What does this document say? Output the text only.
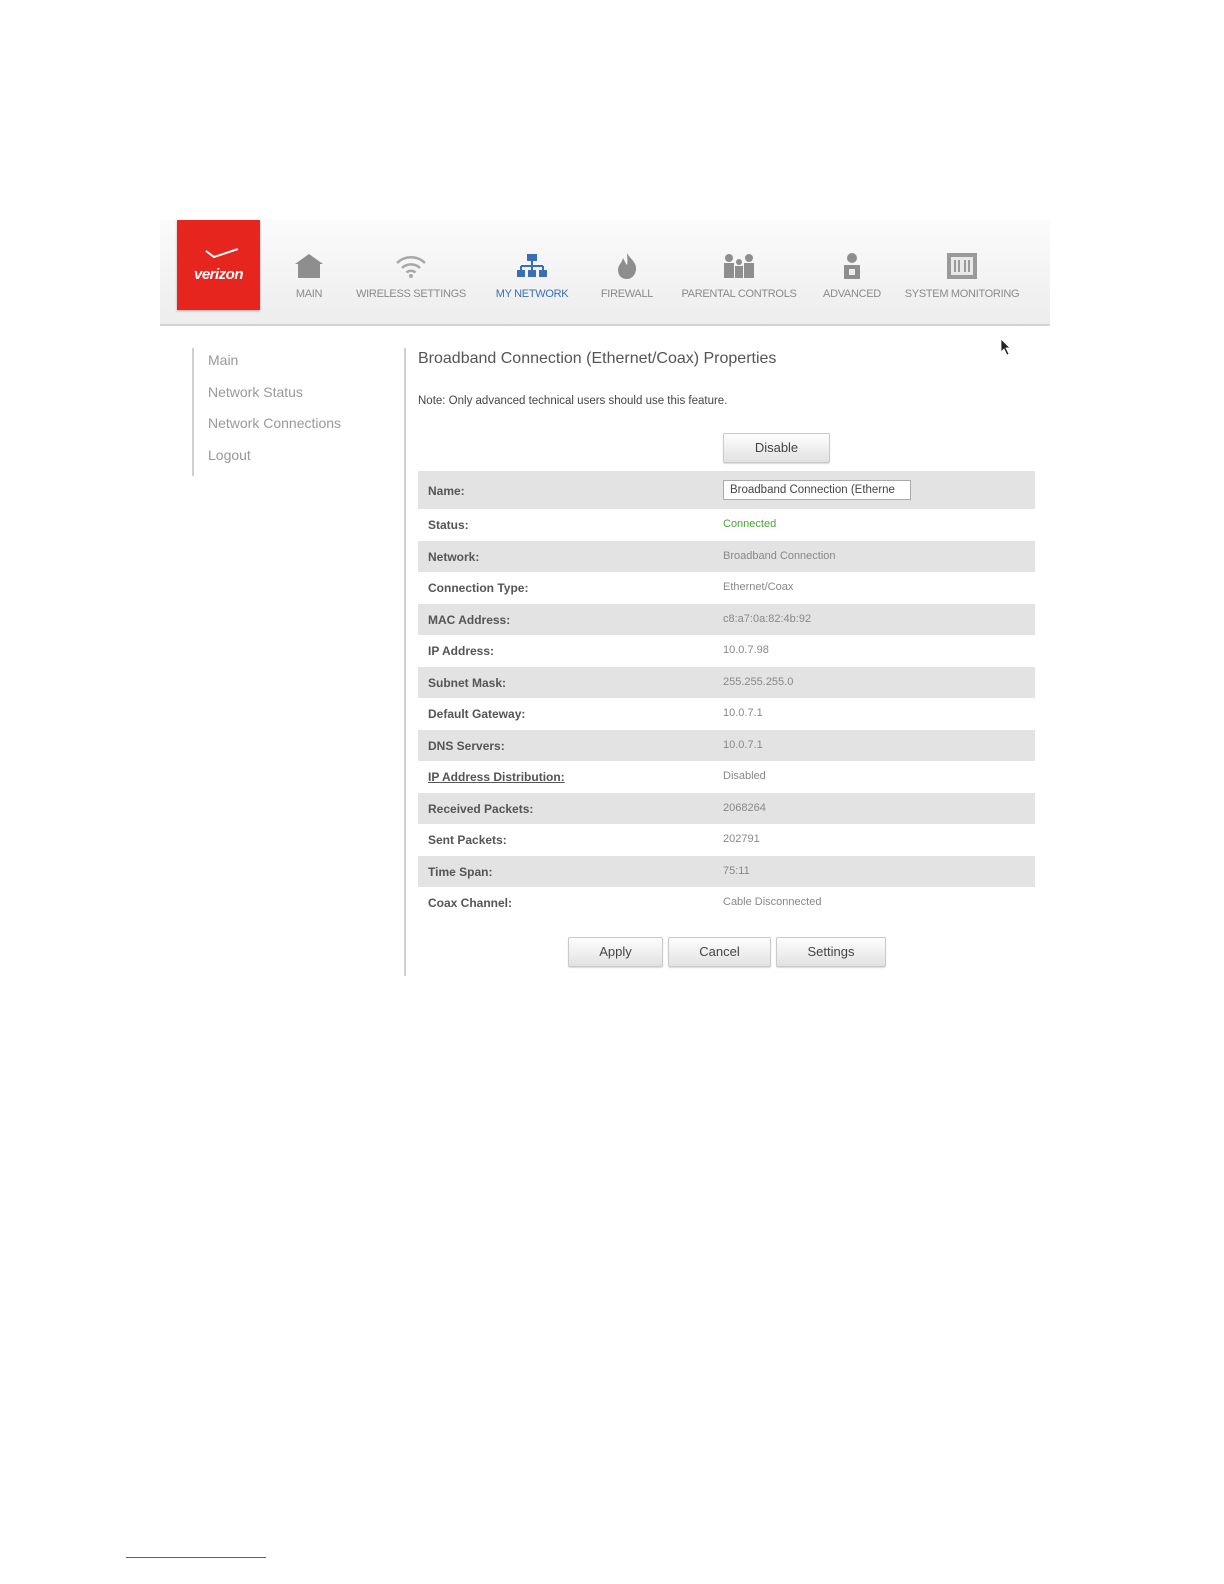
verizon
MAIN	WIRELESS SETTINGS	MY NETWORK	FIREWALL	PARENTAL CONTROLS	ADVANCED	SYSTEM MONITORING
Main
Network Status
Network Connections
Logout
Broadband Connection (Ethernet/Coax) Properties
Note: Only advanced technical users should use this feature.
Disable
Name:
Broadband Connection (Etherne
Status:	Connected
Network:	Broadband Connection
Connection Type:	Ethernet/Coax
MAC Address:	c8:a7:0a:82:4b:92
IP Address:	10.0.7.98
Subnet Mask:	255.255.255.0
Default Gateway:	10.0.7.1
DNS Servers:	10.0.7.1
IP Address Distribution:	Disabled
Received Packets:	2068264
Sent Packets:	202791
Time Span:	75:11
Coax Channel:	Cable Disconnected
Apply	Cancel	Settings
